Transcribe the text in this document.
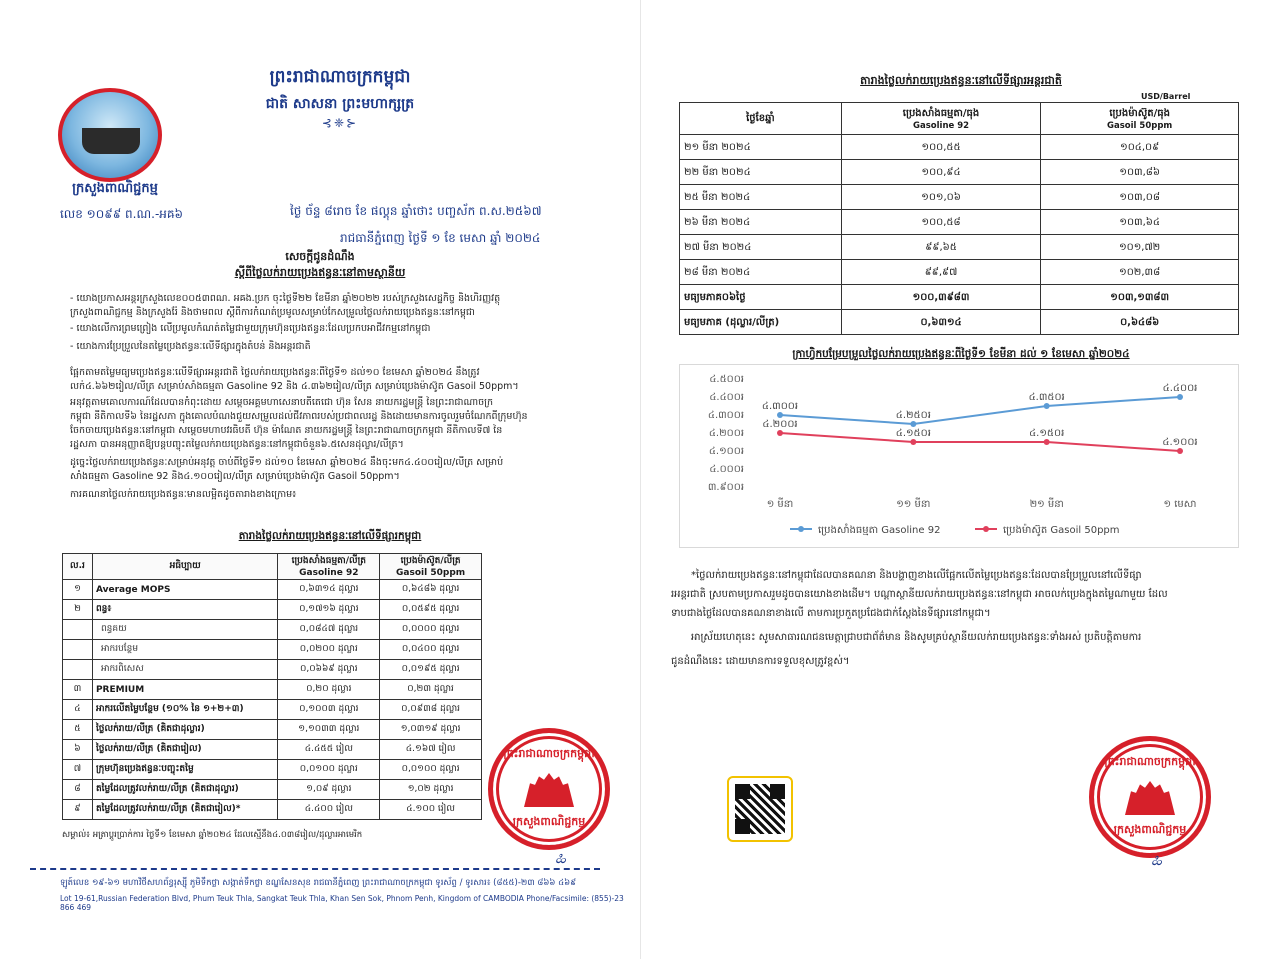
ក្រសួងពាណិជ្ជកម្ម
ព្រះរាជាណាចក្រកម្ពុជា
ជាតិ សាសនា ព្រះមហាក្សត្រ
⊰❈⊱
លេខ ១០៩៩ ព.ណ.-អឝ៦	ថ្ងៃ ច័ន្ទ ៨រោច ខែ ផល្គុន ឆ្នាំថោះ បញ្ចស័ក ព.ស.២៥៦៧
រាជធានីភ្នំពេញ ថ្ងៃទី ១ ខែ មេសា ឆ្នាំ ២០២៤
សេចក្ដីជូនដំណឹង
ស្ដីពីថ្លៃលក់រាយប្រេងឥន្ធនៈនៅតាមស្ថានីយ
- យោងប្រកាសអន្តរក្រសួងលេខ០០៥៣ពណ. អឝង.ប្រក ចុះថ្ងៃទី២២ ខែមីនា ឆ្នាំ២០២២ របស់ក្រសួងសេដ្ឋកិច្ច និងហិរញ្ញវត្ថុ
ក្រសួងពាណិជ្ជកម្ម និងក្រសួងរ៉ែ និងថាមពល ស្ដីពីការកំណត់ប្រមូលសម្រាប់កែសម្រួលថ្លៃលក់រាយប្រេងឥន្ធនៈនៅកម្ពុជា
- យោងលើការព្រមព្រៀង លើប្រមូលកំណត់តម្លៃជាមួយក្រុមហ៊ុនប្រេងឥន្ធនៈដែលប្រកបអាជីវកម្មនៅកម្ពុជា
- យោងការប្រែប្រួលនៃតម្លៃប្រេងឥន្ធនៈលើទីផ្សារក្នុងតំបន់ និងអន្តរជាតិ
ផ្អែកតាមតម្លៃមធ្យមប្រេងឥន្ធនៈលើទីផ្សារអន្តរជាតិ ថ្លៃលក់រាយប្រេងឥន្ធនៈពីថ្ងៃទី១ ដល់១០ ខែមេសា ឆ្នាំ២០២៤ នឹងត្រូវ
លក់៤.៦៦២រៀល/លីត្រ សម្រាប់សាំងធម្មតា Gasoline 92 និង ៤.៣៦២រៀល/លីត្រ សម្រាប់ប្រេងម៉ាស៊ូត Gasoil 50ppm។
អនុវត្តតាមគោលការណ៍ដែលបានកំពុះដោយ សម្ដេចអគ្គមហាសេនាបតីតេជោ ហ៊ុន សែន នាយករដ្ឋមន្ត្រី នៃព្រះរាជាណាចក្រ
កម្ពុជា នីតិកាលទី៦ នៃរដ្ឋសភា ក្នុងគោលបំណងជួយសម្រួលដល់ជីវភាពរបស់ប្រជាពលរដ្ឋ និងដោយមានការចូលរួមចំណែកពីក្រុមហ៊ុន
ចែកចាយប្រេងឥន្ធនៈនៅកម្ពុជា សម្ដេចមហាបវរធិបតី ហ៊ុន ម៉ាណែត នាយករដ្ឋមន្ត្រី នៃព្រះរាជាណាចក្រកម្ពុជា នីតិកាលទី៧ នៃ
រដ្ឋសភា បានអនុញ្ញាតឱ្យបន្តបញ្ចុះតម្លៃលក់រាយប្រេងឥន្ធនៈនៅកម្ពុជាចំនួន៦.៥សេនដុល្លារ/លីត្រ។
ដូច្នេះថ្លៃលក់រាយប្រេងឥន្ធនៈសម្រាប់អនុវត្ត ចាប់ពីថ្ងៃទី១ ដល់១០ ខែមេសា ឆ្នាំ២០២៤ នឹងចុះមក៤.៤០០រៀល/លីត្រ សម្រាប់
សាំងធម្មតា Gasoline 92 និង៤.១០០រៀល/លីត្រ សម្រាប់ប្រេងម៉ាស៊ូត Gasoil 50ppm។
ការគណនាថ្លៃលក់រាយប្រេងឥន្ធនៈមានលម្អិតដូចតារាងខាងក្រោម៖
តារាងថ្លៃលក់រាយប្រេងឥន្ធនៈនៅលើទីផ្សារកម្ពុជា
ល.រ	អធិប្បាយ	ប្រេងសាំងធម្មតា/លីត្រ
Gasoline 92	ប្រេងម៉ាស៊ូត/លីត្រ
Gasoil 50ppm
១	Average MOPS	០,៦៣១៤ ដុល្លារ	០,៦៤៨៦ ដុល្លារ
២	ពន្ធ៖	០,១៧១៦ ដុល្លារ	០,០៥៩៥ ដុល្លារ
	ពន្ធគយ	០,០៨៤៧ ដុល្លារ	០,០០០០ ដុល្លារ
	អាករបន្ថែម	០,០២០០ ដុល្លារ	០,០៤០០ ដុល្លារ
	អាករពិសេស	០,០៦៦៩ ដុល្លារ	០,០១៩៥ ដុល្លារ
៣	PREMIUM	០,២០ ដុល្លារ	០,២៣ ដុល្លារ
៤	អាករលើតម្លៃបន្ថែម (១០% នៃ ១+២+៣)	០,១០០៣ ដុល្លារ	០,០៩៣៨ ដុល្លារ
៥	ថ្លៃលក់រាយ/លីត្រ (គិតជាដុល្លារ)	១,១០៣៣ ដុល្លារ	១,០៣១៩ ដុល្លារ
៦	ថ្លៃលក់រាយ/លីត្រ (គិតជារៀល)	៤.៤៥៥ រៀល	៤.១៦៧ រៀល
៧	ក្រុមហ៊ុនប្រេងឥន្ធនៈបញ្ចុះតម្លៃ	០,០១០០ ដុល្លារ	០,០១០០ ដុល្លារ
៨	តម្លៃដែលត្រូវលក់រាយ/លីត្រ (គិតជាដុល្លារ)	១,០៩ ដុល្លារ	១,០២ ដុល្លារ
៩	តម្លៃដែលត្រូវលក់រាយ/លីត្រ (គិតជារៀល)*	៤.៤០០ រៀល	៤.១០០ រៀល
សម្គាល់៖ អត្រាប្ដូរប្រាក់ការ ថ្ងៃទី១ ខែមេសា ឆ្នាំ២០២៤ ដែលស្មើនឹង៤.០៣៨រៀល/ដុល្លារអាមេរិក
ព្រះរាជាណាចក្រកម្ពុជា
ក្រសួងពាណិជ្ជកម្ម
ಹಿ
ឡូត៍លេខ ១៩-៦១ មហាវិថីសហព័ន្ធរុស្ស៊ី ភូមិទឹកថ្លា សង្កាត់ទឹកថ្លា ខណ្ឌសែនសុខ រាជធានីភ្នំពេញ ព្រះរាជាណាចក្រកម្ពុជា ទូរស័ព្ទ / ទូរសារ៖ (៨៥៥)-២៣ ៨៦៦ ៤៦៩
Lot 19-61,Russian Federation Blvd, Phum Teuk Thla, Sangkat Teuk Thla, Khan Sen Sok, Phnom Penh, Kingdom of CAMBODIA Phone/Facsimile: (855)-23 866 469
តារាងថ្លៃលក់រាយប្រេងឥន្ធនៈនៅលើទីផ្សារអន្តរជាតិ
USD/Barrel
ថ្ងៃខែឆ្នាំ	ប្រេងសាំងធម្មតា/ធុង
Gasoline 92	ប្រេងម៉ាស៊ូត/ធុង
Gasoil 50ppm

២១ មីនា ២០២៤	១០០,៥៥	១០៤,០៩
២២ មីនា ២០២៤	១០០,៩៤	១០៣,៨៦
២៥ មីនា ២០២៤	១០១,០៦	១០៣,០៨
២៦ មីនា ២០២៤	១០០,៥៨	១០៣,៦៤
២៧ មីនា ២០២៤	៩៩,៦៥	១០១,៧២
២៨ មីនា ២០២៤	៩៩,៩៧	១០២,៣៨
មធ្យមភាគ០៦ថ្ងៃ	១០០,៣៩៨៣	១០៣,១៣៨៣
មធ្យមភាគ (ដុល្លារ/លីត្រ)	០,៦៣១៤	០,៦៤៨៦
ក្រាហ្វិកបម្រែបម្រួលថ្លៃលក់រាយប្រេងឥន្ធនៈពីថ្ងៃទី១ ខែមីនា ដល់ ១ ខែមេសា ឆ្នាំ២០២៤
៣.៩០០៛
៤.០០០៛
៤.១០០៛
៤.២០០៛
៤.៣០០៛
៤.៤០០៛
៤.៥០០៛
១ មីនា	១១ មីនា	២១ មីនា	១ មេសា
៤.៣០០៛
៤.២៥០៛
៤.៣៥០៛
៤.៤០០៛
៤.២០០៛
៤.១៥០៛	៤.១៥០៛
៤.១០០៛
ប្រេងសាំងធម្មតា Gasoline 92	ប្រេងម៉ាស៊ូត Gasoil 50ppm
*ថ្លៃលក់រាយប្រេងឥន្ធនៈនៅកម្ពុជាដែលបានគណនា និងបង្ហាញខាងលើផ្អែកលើតម្លៃប្រេងឥន្ធនៈដែលបានប្រែប្រួលនៅលើទីផ្សា
រអន្តរជាតិ ស្របតាមប្រកាសរួមដូចបានយោងខាងដើម។ បណ្ដាស្ថានីយលក់រាយប្រេងឥន្ធនៈនៅកម្ពុជា អាចលក់ប្រេងក្នុងតម្លៃណាមួយ ដែល
ទាបជាងថ្លៃដែលបានគណនាខាងលើ តាមការប្រកួតប្រជែងជាក់ស្ដែងនៃទីផ្សារនៅកម្ពុជា។
អាស្រ័យហេតុនេះ សូមសាធារណជនមេត្តាជ្រាបជាព័ត៌មាន និងសូមគ្រប់ស្ថានីយលក់រាយប្រេងឥន្ធនៈទាំងអស់ ប្រតិបត្តិតាមការ
ជូនដំណឹងនេះ ដោយមានការទទួលខុសត្រូវខ្ពស់។
ព្រះរាជាណាចក្រកម្ពុជា
ក្រសួងពាណិជ្ជកម្ម
ಹಿ
